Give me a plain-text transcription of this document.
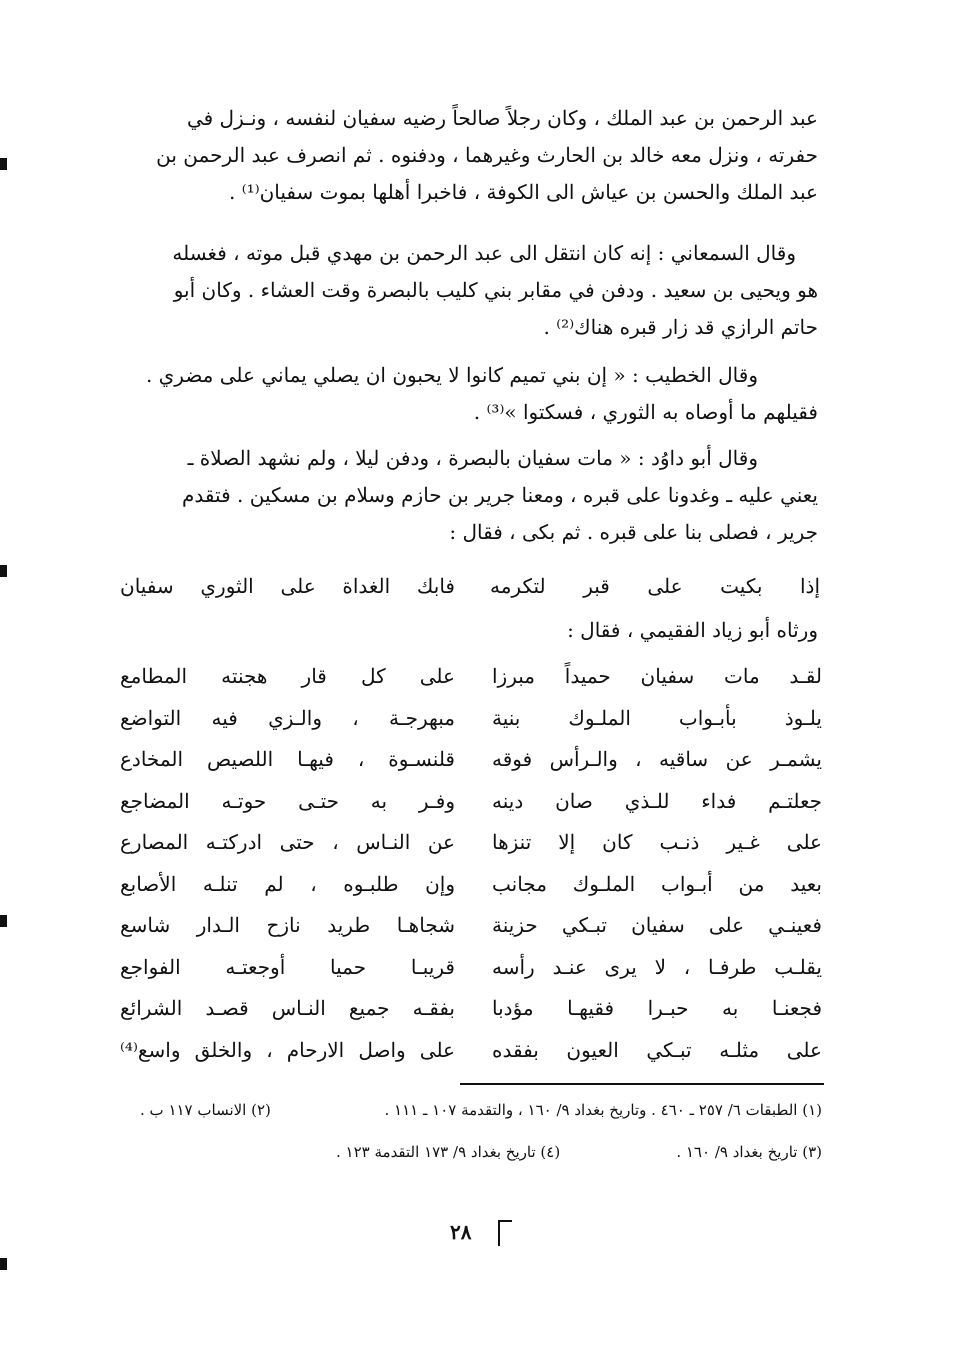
عبد الرحمن بن عبد الملك ، وكان رجلاً صالحاً رضيه سفيان لنفسه ، ونـزل في
حفرته ، ونزل معه خالد بن الحارث وغيرهما ، ودفنوه . ثم انصرف عبد الرحمن بن
عبد الملك والحسن بن عياش الى الكوفة ، فاخبرا أهلها بموت سفيان⁽¹⁾ .
وقال السمعاني : إنه كان انتقل الى عبد الرحمن بن مهدي قبل موته ، فغسله
هو ويحيى بن سعيد . ودفن في مقابر بني كليب بالبصرة وقت العشاء . وكان أبو
حاتم الرازي قد زار قبره هناك⁽²⁾ .
وقال الخطيب : « إن بني تميم كانوا لا يحبون ان يصلي يماني على مضري .
فقيلهم ما أوصاه به الثوري ، فسكتوا »⁽³⁾ .
وقال أبو داوُد : « مات سفيان بالبصرة ، ودفن ليلا ، ولم نشهد الصلاة ـ
يعني عليه ـ وغدونا على قبره ، ومعنا جرير بن حازم وسلام بن مسكين . فتقدم
جرير ، فصلى بنا على قبره . ثم بكى ، فقال :
إذا بكيت على قبر لتكرمه
فابك الغداة على الثوري سفيان
ورثاه أبو زياد الفقيمي ، فقال :
لقـد مات سفيان حميداً مبرزا
على كل قار هجنته المطامع
يلـوذ بأبـواب الملـوك بنية
مبهرجـة ، والـزي فيه التواضع
يشمـر عن ساقيه ، والـرأس فوقه
قلنسـوة ، فيهـا اللصيص المخادع
جعلتـم فداء للـذي صان دينه
وفـر به حتـى حوتـه المضاجع
على غـير ذنـب كان إلا تنزها
عن النـاس ، حتى ادركتـه المصارع
بعيد من أبـواب الملـوك مجانب
وإن طلبـوه ، لم تنلـه الأصابع
فعينـي على سفيان تبـكي حزينة
شجاهـا طريد نازح الـدار شاسع
يقلـب طرفـا ، لا يرى عنـد رأسه
قريبـا حميا أوجعتـه الفواجع
فجعنـا به حبـرا فقيهـا مؤدبا
بفقـه جميع النـاس قصـد الشرائع
على مثلـه تبـكي العيون بفقده
على واصل الارحام ، والخلق واسع⁽⁴⁾
(١) الطبقات ٦/ ٢٥٧ ـ ٤٦٠ . وتاريخ بغداد ٩/ ١٦٠ ، والتقدمة ١٠٧ ـ ١١١ .
(٢) الانساب ١١٧ ب .
(٣) تاريخ بغداد ٩/ ١٦٠ .
(٤) تاريخ بغداد ٩/ ١٧٣ التقدمة ١٢٣ .
٢٨
